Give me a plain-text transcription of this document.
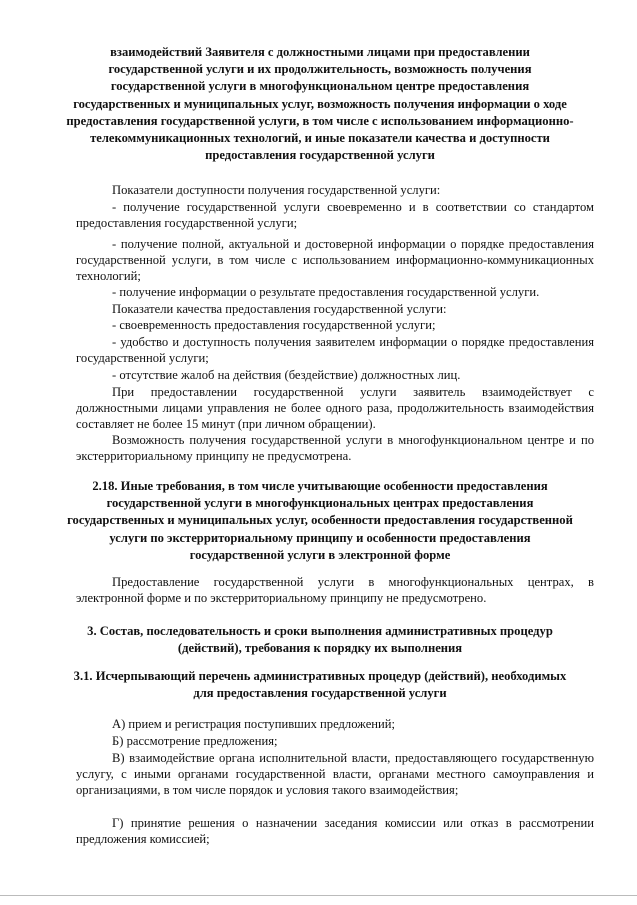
взаимодействий Заявителя с должностными лицами при предоставлении государственной услуги и их продолжительность, возможность получения государственной услуги в многофункциональном центре предоставления государственных и муниципальных услуг, возможность получения информации о ходе предоставления государственной услуги, в том числе с использованием информационно-телекоммуникационных технологий, и иные показатели качества и доступности предоставления государственной услуги

Показатели доступности получения государственной услуги:

- получение государственной услуги своевременно и в соответствии со стандартом предоставления государственной услуги;

- получение полной, актуальной и достоверной информации о порядке предоставления государственной услуги, в том числе с использованием информационно-коммуникационных технологий;

- получение информации о результате предоставления государственной услуги.

Показатели качества предоставления государственной услуги:

- своевременность предоставления государственной услуги;

- удобство и доступность получения заявителем информации о порядке предоставления государственной услуги;

- отсутствие жалоб на действия (бездействие) должностных лиц.

При предоставлении государственной услуги заявитель взаимодействует с должностными лицами управления не более одного раза, продолжительность взаимодействия составляет не более 15 минут (при личном обращении).

Возможность получения государственной услуги в многофункциональном центре и по экстерриториальному принципу не предусмотрена.

2.18. Иные требования, в том числе учитывающие особенности предоставления государственной услуги в многофункциональных центрах предоставления государственных и муниципальных услуг, особенности предоставления государственной услуги по экстерриториальному принципу и особенности предоставления государственной услуги в электронной форме

Предоставление государственной услуги в многофункциональных центрах, в электронной форме и по экстерриториальному принципу не предусмотрено.

3. Состав, последовательность и сроки выполнения административных процедур (действий), требования к порядку их выполнения

3.1. Исчерпывающий перечень административных процедур (действий), необходимых для предоставления государственной услуги

А) прием и регистрация поступивших предложений;

Б) рассмотрение предложения;

В) взаимодействие органа исполнительной власти, предоставляющего государственную услугу, с иными органами государственной власти, органами местного самоуправления и организациями, в том числе порядок и условия такого взаимодействия;

Г) принятие решения о назначении заседания комиссии или отказ в рассмотрении предложения комиссией;
